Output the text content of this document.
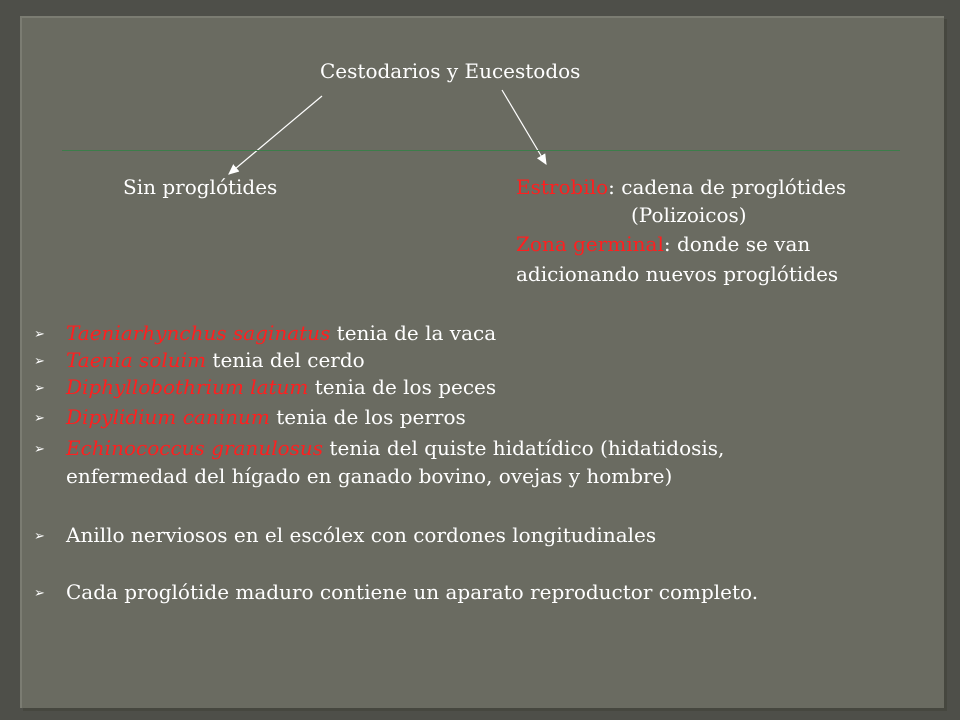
Cestodarios y Eucestodos
Sin proglótides	Estrobilo: cadena de proglótides
(Polizoicos)
Zona germinal: donde se van
adicionando nuevos proglótides
➢ Taeniarhynchus saginatus tenia de la vaca
➢ Taenia soluim tenia del cerdo
➢ Diphyllobothrium latum tenia de los peces
➢ Dipylidium caninum tenia de los perros
➢ Echinococcus granulosus tenia del quiste hidatídico (hidatidosis,
enfermedad del hígado en ganado bovino, ovejas y hombre)
➢ Anillo nerviosos en el escólex con cordones longitudinales
➢ Cada proglótide maduro contiene un aparato reproductor completo.
